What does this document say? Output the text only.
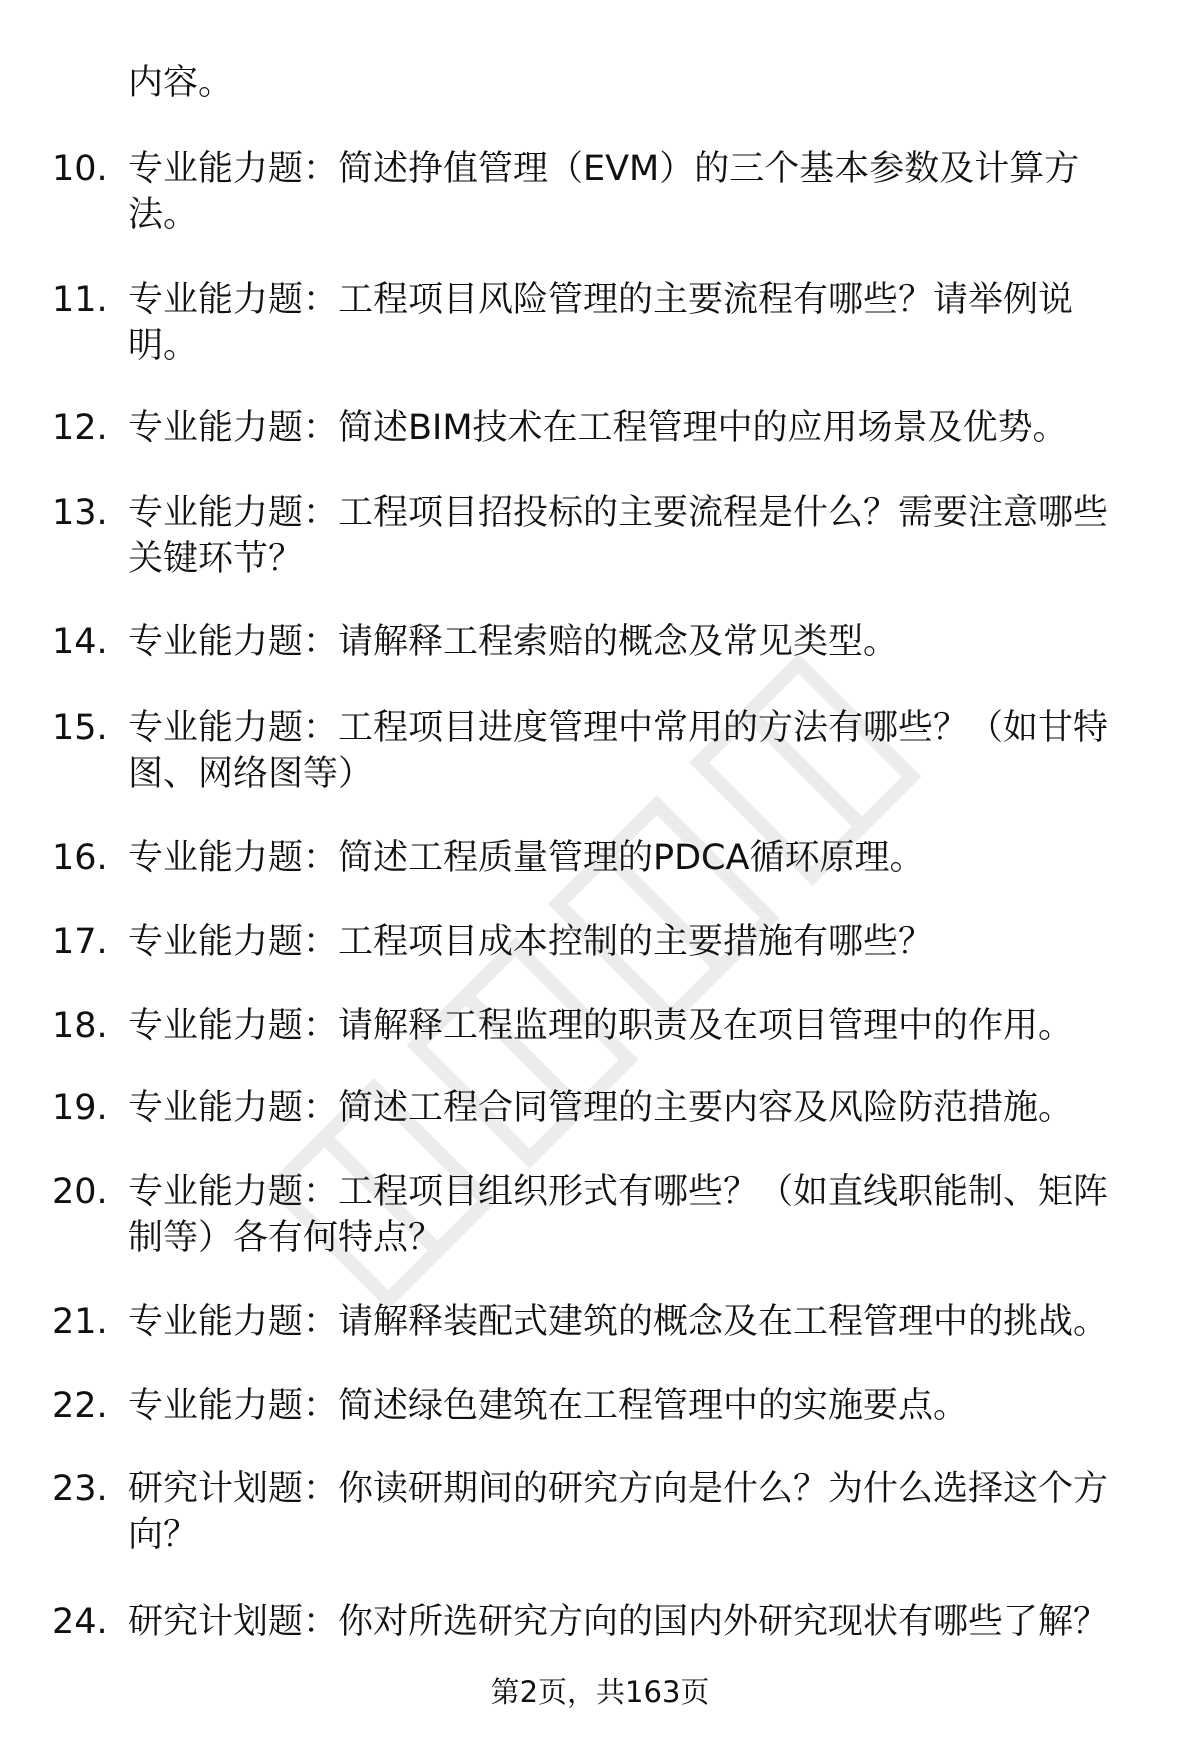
内容。
10. 专业能力题：简述挣值管理（EVM）的三个基本参数及计算方
法。
11. 专业能力题：工程项目风险管理的主要流程有哪些？请举例说
明。
12. 专业能力题：简述BIM技术在工程管理中的应用场景及优势。
13. 专业能力题：工程项目招投标的主要流程是什么？需要注意哪些
关键环节？
14. 专业能力题：请解释工程索赔的概念及常见类型。
15. 专业能力题：工程项目进度管理中常用的方法有哪些？（如甘特
图、网络图等）
16. 专业能力题：简述工程质量管理的PDCA循环原理。
17. 专业能力题：工程项目成本控制的主要措施有哪些？
18. 专业能力题：请解释工程监理的职责及在项目管理中的作用。
19. 专业能力题：简述工程合同管理的主要内容及风险防范措施。
20. 专业能力题：工程项目组织形式有哪些？（如直线职能制、矩阵
制等）各有何特点？
21. 专业能力题：请解释装配式建筑的概念及在工程管理中的挑战。
22. 专业能力题：简述绿色建筑在工程管理中的实施要点。
23. 研究计划题：你读研期间的研究方向是什么？为什么选择这个方
向？
24. 研究计划题：你对所选研究方向的国内外研究现状有哪些了解？
第2页，共163页
